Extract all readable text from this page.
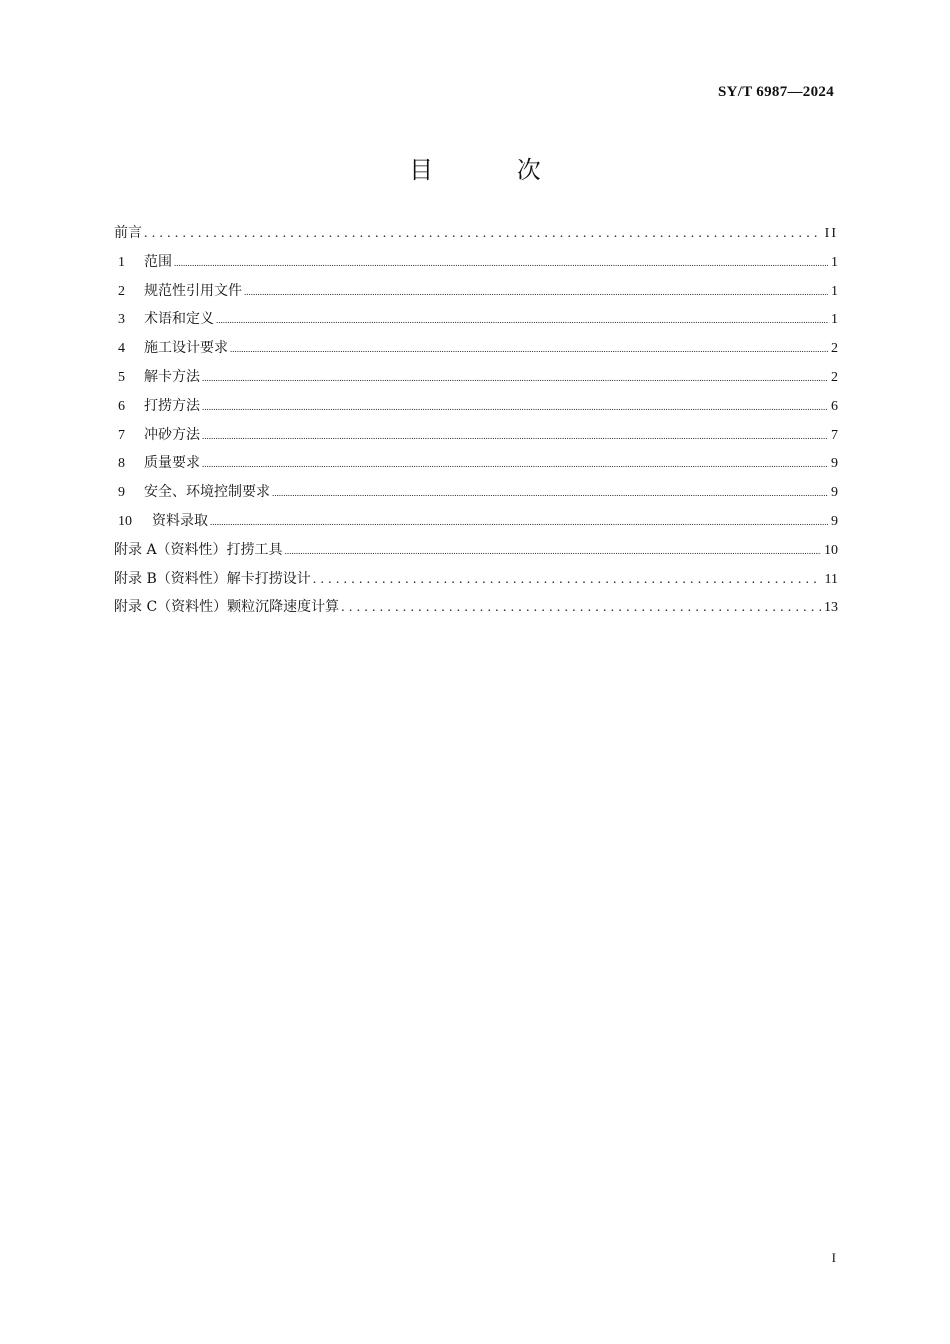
SY/T 6987—2024
目 次
前言 .....	II
1	范围 .....	1
2	规范性引用文件 .....	1
3	术语和定义 .....	1
4	施工设计要求 .....	2
5	解卡方法 .....	2
6	打捞方法 .....	6
7	冲砂方法 .....	7
8	质量要求 .....	9
9	安全、环境控制要求 .....	9
10	资料录取 .....	9
附录 A（资料性）打捞工具 .....	10
附录 B（资料性）解卡打捞设计 .....	11
附录 C（资料性）颗粒沉降速度计算 .....	13
I
